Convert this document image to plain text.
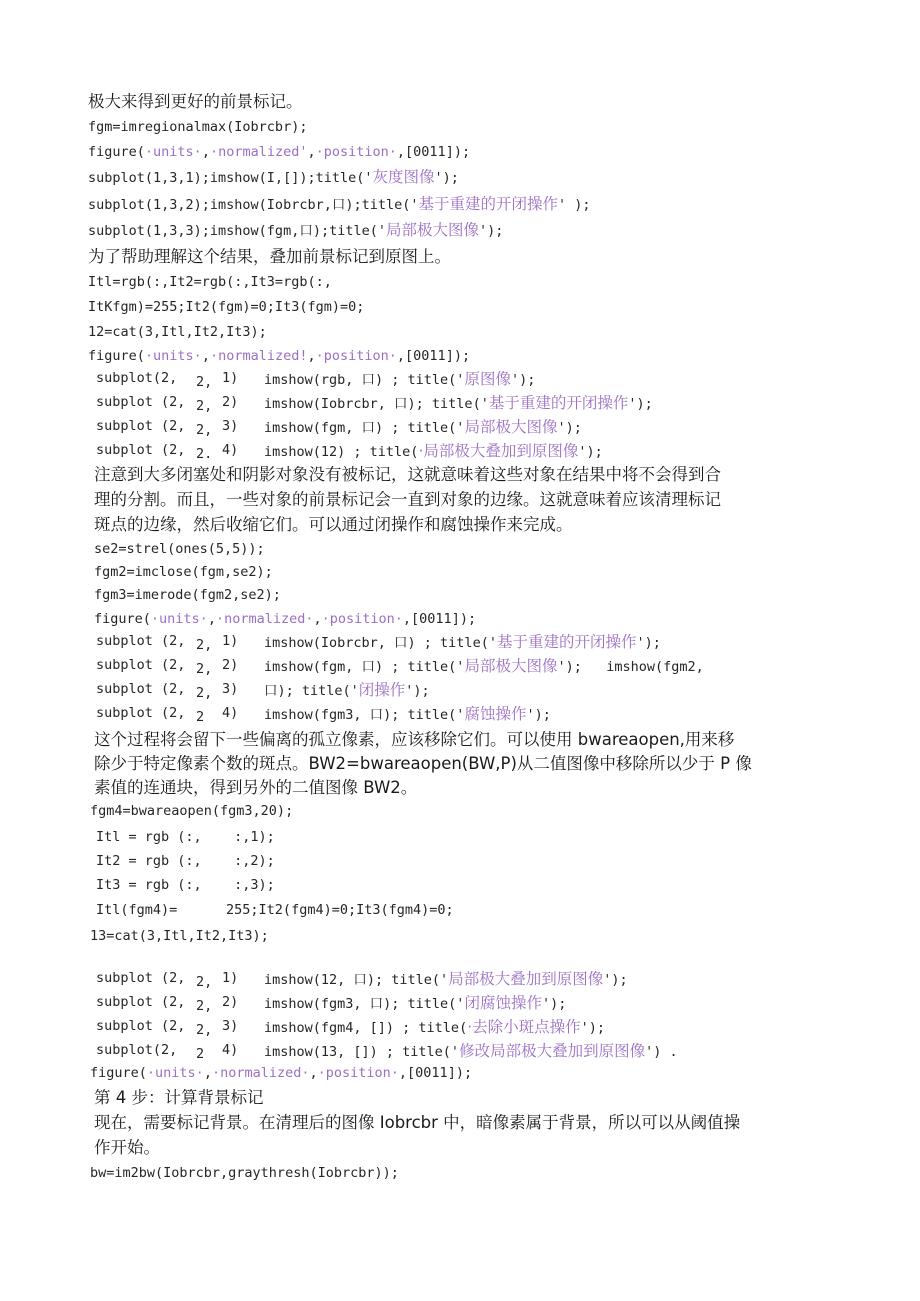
极大来得到更好的前景标记。
fgm=imregionalmax(Iobrcbr);
figure(·units·,·normalized',·position·,[0011]);
subplot(1,3,1);imshow(I,[]);title('灰度图像');
subplot(1,3,2);imshow(Iobrcbr,口);title('基于重建的开闭操作' );
subplot(1,3,3);imshow(fgm,口);title('局部极大图像');
为了帮助理解这个结果，叠加前景标记到原图上。
Itl=rgb(:,It2=rgb(:,It3=rgb(:,
ItKfgm)=255;It2(fgm)=0;It3(fgm)=0;
12=cat(3,Itl,It2,It3);
figure(·units·,·normalized!,·position·,[0011]);
subplot(2, 2, 1) imshow(rgb, 口) ; title('原图像');
subplot (2, 2, 2) imshow(Iobrcbr, 口); title('基于重建的开闭操作');
subplot (2, 2, 3) imshow(fgm, 口) ; title('局部极大图像');
subplot (2, 2. 4) imshow(12) ; title(·局部极大叠加到原图像');
注意到大多闭塞处和阴影对象没有被标记，这就意味着这些对象在结果中将不会得到合
理的分割。而且，一些对象的前景标记会一直到对象的边缘。这就意味着应该清理标记
斑点的边缘，然后收缩它们。可以通过闭操作和腐蚀操作来完成。
se2=strel(ones(5,5));
fgm2=imclose(fgm,se2);
fgm3=imerode(fgm2,se2);
figure(·units·,·normalized·,·position·,[0011]);
subplot (2, 2, 1) imshow(Iobrcbr, 口) ; title('基于重建的开闭操作');
subplot (2, 2, 2) imshow(fgm, 口) ; title('局部极大图像');   imshow(fgm2,
subplot (2, 2, 3) 口); title('闭操作');
subplot (2, 2 4) imshow(fgm3, 口); title('腐蚀操作');
这个过程将会留下一些偏离的孤立像素，应该移除它们。可以使用 bwareaopen,用来移
除少于特定像素个数的斑点。BW2=bwareaopen(BW,P)从二值图像中移除所以少于 P 像
素值的连通块，得到另外的二值图像 BW2。
fgm4=bwareaopen(fgm3,20);
Itl = rgb (:,    :,1);
It2 = rgb (:,    :,2);
It3 = rgb (:,    :,3);
Itl(fgm4)=      255;It2(fgm4)=0;It3(fgm4)=0;
13=cat(3,Itl,It2,It3);
subplot (2, 2, 1) imshow(12, 口); title('局部极大叠加到原图像');
subplot (2, 2, 2) imshow(fgm3, 口); title('闭腐蚀操作');
subplot (2, 2, 3) imshow(fgm4, []) ; title(·去除小斑点操作');
subplot(2, 2 4) imshow(13, []) ; title('修改局部极大叠加到原图像') .
figure(·units·,·normalized·,·position·,[0011]);
第 4 步：计算背景标记
现在，需要标记背景。在清理后的图像 Iobrcbr 中，暗像素属于背景，所以可以从阈值操
作开始。
bw=im2bw(Iobrcbr,graythresh(Iobrcbr));
